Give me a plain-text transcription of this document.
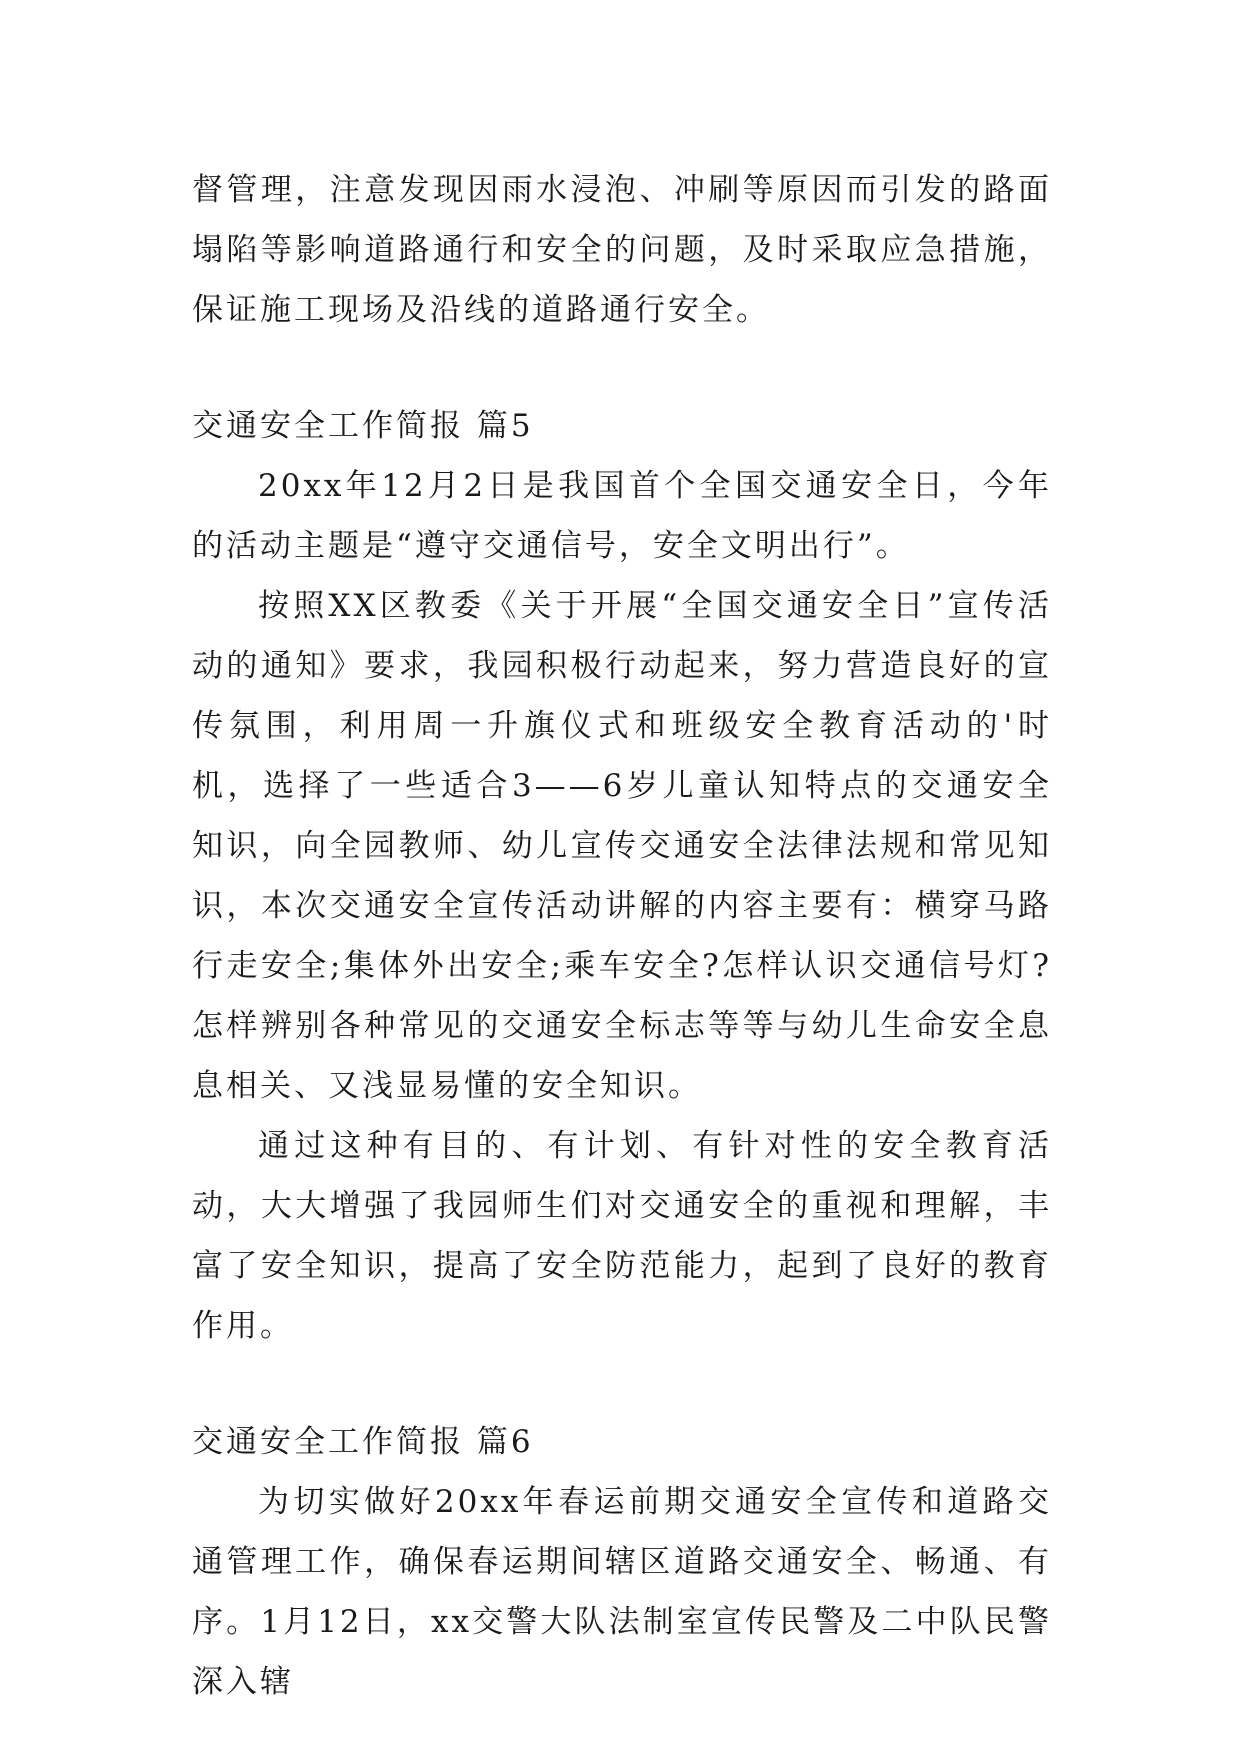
督管理，注意发现因雨水浸泡、冲刷等原因而引发的路面塌陷等影响道路通行和安全的问题，及时采取应急措施，保证施工现场及沿线的道路通行安全。

交通安全工作简报 篇5

20xx年12月2日是我国首个全国交通安全日，今年的活动主题是“遵守交通信号，安全文明出行”。

按照XX区教委《关于开展“全国交通安全日”宣传活动的通知》要求，我园积极行动起来，努力营造良好的宣传氛围，利用周一升旗仪式和班级安全教育活动的'时机，选择了一些适合3——6岁儿童认知特点的交通安全知识，向全园教师、幼儿宣传交通安全法律法规和常见知识，本次交通安全宣传活动讲解的内容主要有：横穿马路行走安全;集体外出安全;乘车安全?怎样认识交通信号灯?怎样辨别各种常见的交通安全标志等等与幼儿生命安全息息相关、又浅显易懂的安全知识。

通过这种有目的、有计划、有针对性的安全教育活动，大大增强了我园师生们对交通安全的重视和理解，丰富了安全知识，提高了安全防范能力，起到了良好的教育作用。

交通安全工作简报 篇6

为切实做好20xx年春运前期交通安全宣传和道路交通管理工作，确保春运期间辖区道路交通安全、畅通、有序。1月12日，xx交警大队法制室宣传民警及二中队民警深入辖
